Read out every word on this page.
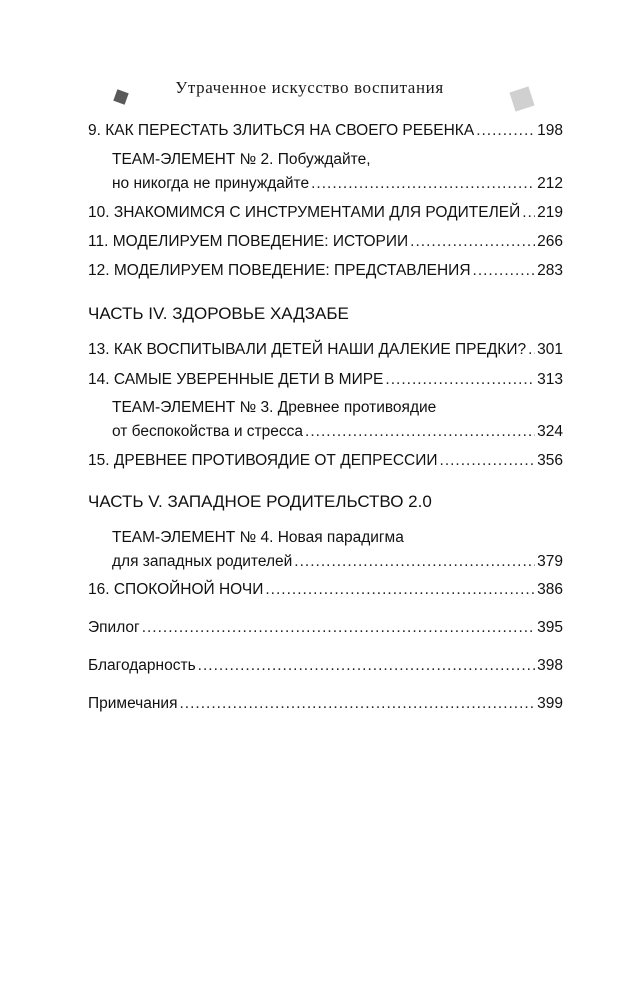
Утраченное искусство воспитания
9. КАК ПЕРЕСТАТЬ ЗЛИТЬСЯ НА СВОЕГО РЕБЕНКА .....	198
TEAM-ЭЛЕМЕНТ № 2. Побуждайте,
но никогда не принуждайте .....	212
10. ЗНАКОМИМСЯ С ИНСТРУМЕНТАМИ ДЛЯ РОДИТЕЛЕЙ ..... 219
11. МОДЕЛИРУЕМ ПОВЕДЕНИЕ: ИСТОРИИ .....	266
12. МОДЕЛИРУЕМ ПОВЕДЕНИЕ: ПРЕДСТАВЛЕНИЯ .....	283
ЧАСТЬ IV. ЗДОРОВЬЕ ХАДЗАБЕ
13. КАК ВОСПИТЫВАЛИ ДЕТЕЙ НАШИ ДАЛЕКИЕ ПРЕДКИ? ..... 301
14. САМЫЕ УВЕРЕННЫЕ ДЕТИ В МИРЕ .....	313
TEAM-ЭЛЕМЕНТ № 3. Древнее противоядие
от беспокойства и стресса .....	324
15. ДРЕВНЕЕ ПРОТИВОЯДИЕ ОТ ДЕПРЕССИИ .....	356
ЧАСТЬ V. ЗАПАДНОЕ РОДИТЕЛЬСТВО 2.0
TEAM-ЭЛЕМЕНТ № 4. Новая парадигма
для западных родителей .....	379
16. СПОКОЙНОЙ НОЧИ .....	386
Эпилог .....	395
Благодарность .....	398
Примечания .....	399
